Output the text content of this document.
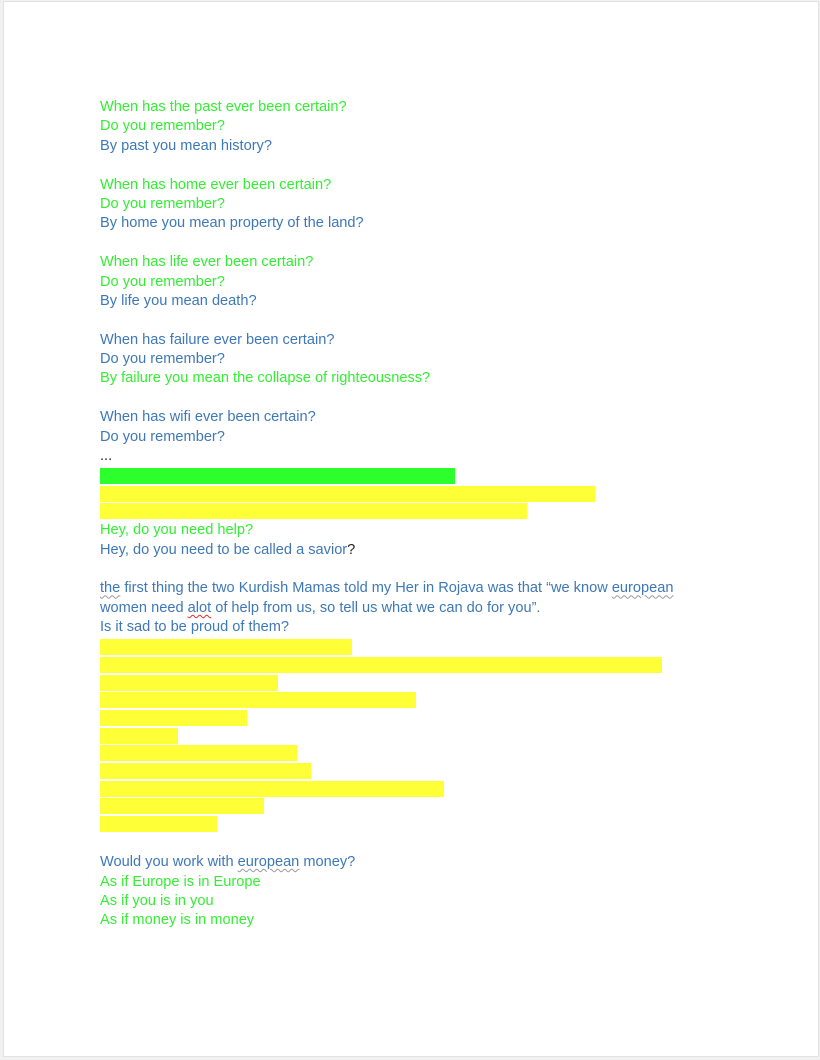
When has the past ever been certain?
Do you remember?
By past you mean history?
When has home ever been certain?
Do you remember?
By home you mean property of the land?
When has life ever been certain?
Do you remember?
By life you mean death?
When has failure ever been certain?
Do you remember?
By failure you mean the collapse of righteousness?
When has wifi ever been certain?
Do you remember?
...
Hey, do you need help?
Hey, do you need to be called a savior?
the first thing the two Kurdish Mamas told my Her in Rojava was that “we know european women need alot of help from us, so tell us what we can do for you”.
Is it sad to be proud of them?
Would you work with european money?
As if Europe is in Europe
As if you is in you
As if money is in money
